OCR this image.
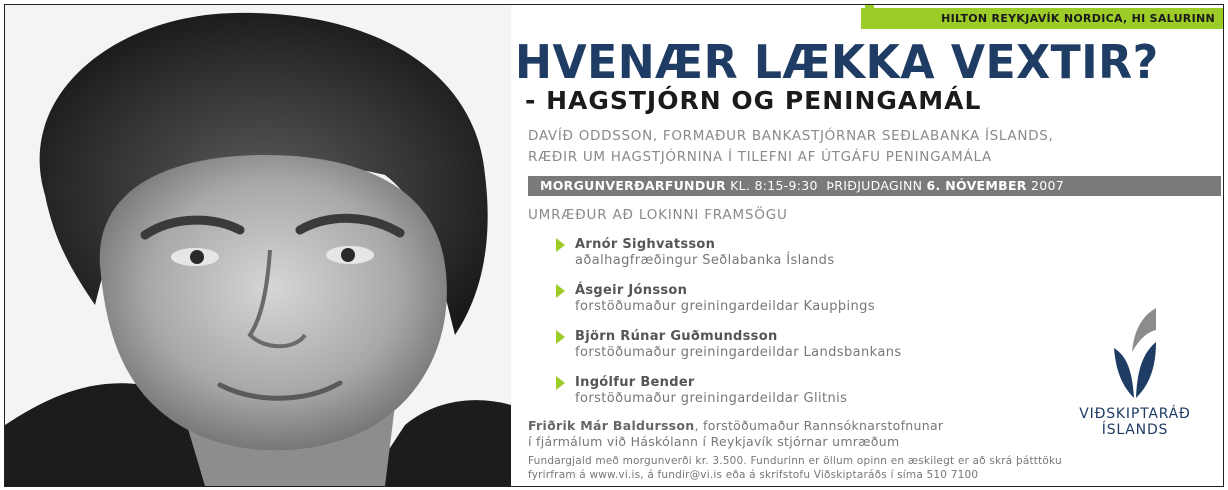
HILTON REYKJAVÍK NORDICA, HI SALURINN
HVENÆR LÆKKA VEXTIR?
- HAGSTJÓRN OG PENINGAMÁL
DAVÍÐ ODDSSON, FORMAÐUR BANKASTJÓRNAR SEÐLABANKA ÍSLANDS,
RÆÐIR UM HAGSTJÓRNINA Í TILEFNI AF ÚTGÁFU PENINGAMÁLA
MORGUNVERÐARFUNDUR KL. 8:15-9:30 ÞRIÐJUDAGINN 6. NÓVEMBER 2007
UMRÆÐUR AÐ LOKINNI FRAMSÖGU
Arnór Sighvatsson
aðalhagfræðingur Seðlabanka Íslands
Ásgeir Jónsson
forstöðumaður greiningardeildar Kaupþings
Björn Rúnar Guðmundsson
forstöðumaður greiningardeildar Landsbankans
Ingólfur Bender
forstöðumaður greiningardeildar Glitnis
Friðrik Már Baldursson, forstöðumaður Rannsóknarstofnunar
í fjármálum við Háskólann í Reykjavík stjórnar umræðum
Fundargjald með morgunverði kr. 3.500. Fundurinn er öllum opinn en æskilegt er að skrá þátttöku
fyrirfram á www.vi.is, á fundir@vi.is eða á skrifstofu Viðskiptaráðs í síma 510 7100
VIÐSKIPTARÁÐ
ÍSLANDS
